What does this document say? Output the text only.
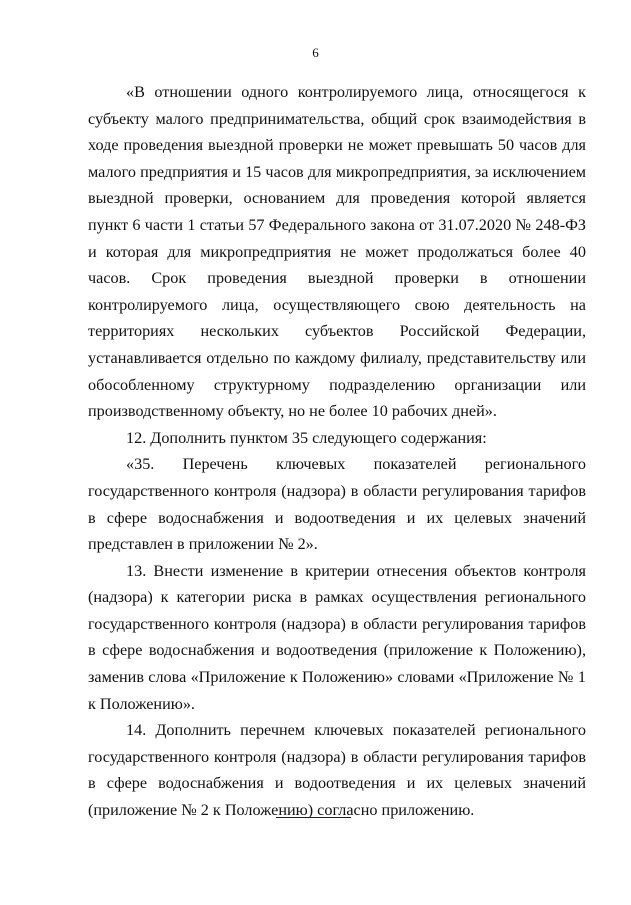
6

«В отношении одного контролируемого лица, относящегося к субъекту малого предпринимательства, общий срок взаимодействия в ходе проведения выездной проверки не может превышать 50 часов для малого предприятия и 15 часов для микропредприятия, за исключением выездной проверки, основанием для проведения которой является пункт 6 части 1 статьи 57 Федерального закона от 31.07.2020 № 248-ФЗ и которая для микропредприятия не может продолжаться более 40 часов. Срок проведения выездной проверки в отношении контролируемого лица, осуществляющего свою деятельность на территориях нескольких субъектов Российской Федерации, устанавливается отдельно по каждому филиалу, представительству или обособленному структурному подразделению организации или производственному объекту, но не более 10 рабочих дней».

12. Дополнить пунктом 35 следующего содержания:

«35. Перечень ключевых показателей регионального государственного контроля (надзора) в области регулирования тарифов в сфере водоснабжения и водоотведения и их целевых значений представлен в приложении № 2».

13. Внести изменение в критерии отнесения объектов контроля (надзора) к категории риска в рамках осуществления регионального государственного контроля (надзора) в области регулирования тарифов в сфере водоснабжения и водоотведения (приложение к Положению), заменив слова «Приложение к Положению» словами «Приложение № 1 к Положению».

14. Дополнить перечнем ключевых показателей регионального государственного контроля (надзора) в области регулирования тарифов в сфере водоснабжения и водоотведения и их целевых значений (приложение № 2 к Положению) согласно приложению.
